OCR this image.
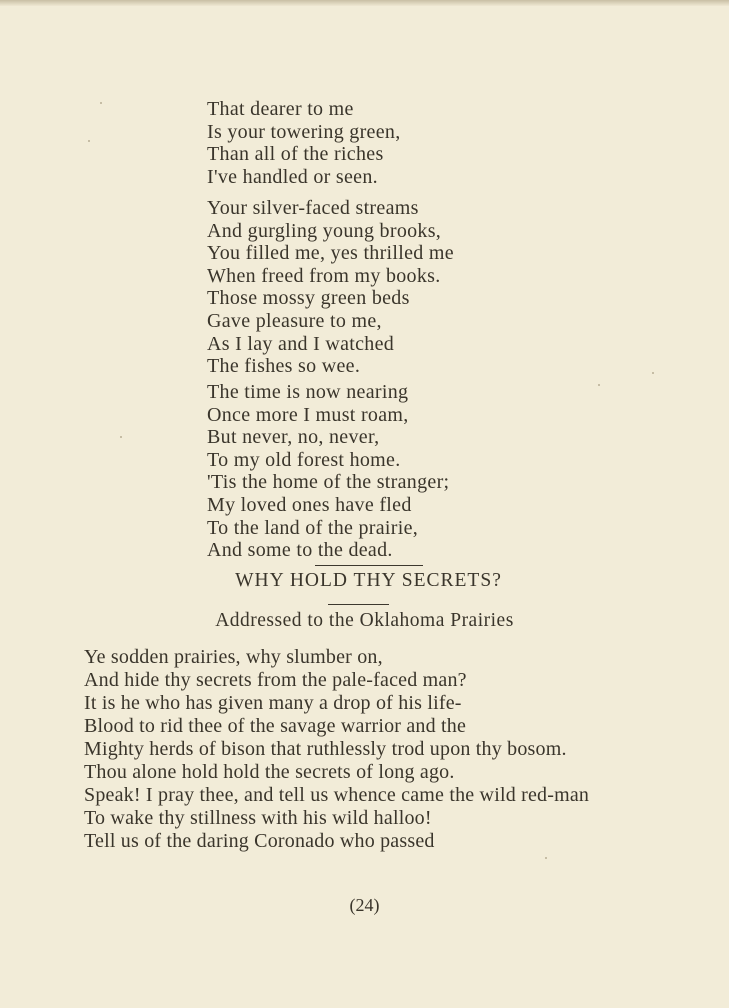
That dearer to me
Is your towering green,
Than all of the riches
I've handled or seen.
Your silver-faced streams
And gurgling young brooks,
You filled me, yes thrilled me
When freed from my books.
Those mossy green beds
Gave pleasure to me,
As I lay and I watched
The fishes so wee.
The time is now nearing
Once more I must roam,
But never, no, never,
To my old forest home.
'Tis the home of the stranger;
My loved ones have fled
To the land of the prairie,
And some to the dead.
WHY HOLD THY SECRETS?

Addressed to the Oklahoma Prairies

Ye sodden prairies, why slumber on,
And hide thy secrets from the pale-faced man?
It is he who has given many a drop of his life-
Blood to rid thee of the savage warrior and the
Mighty herds of bison that ruthlessly trod upon thy bosom.
Thou alone hold hold the secrets of long ago.
Speak! I pray thee, and tell us whence came the wild red-man
To wake thy stillness with his wild halloo!
Tell us of the daring Coronado who passed

(24)
